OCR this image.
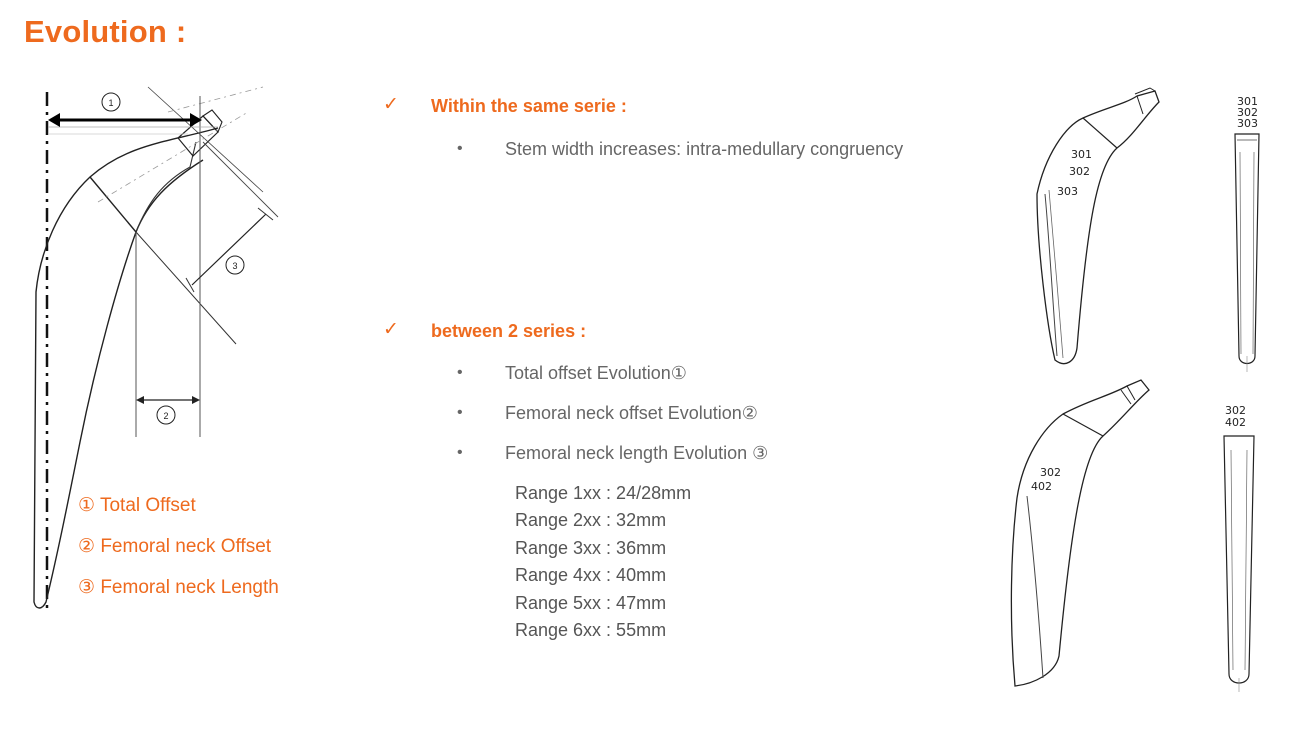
Evolution :
1
2
3
① Total Offset
② Femoral neck Offset
③ Femoral neck Length
✓ Within the same serie :
• Stem width increases: intra-medullary congruency
✓ between 2 series :
• Total offset Evolution①
• Femoral neck offset Evolution②
• Femoral neck length Evolution ③
Range 1xx : 24/28mm
Range 2xx : 32mm
Range 3xx : 36mm
Range 4xx : 40mm
Range 5xx : 47mm
Range 6xx : 55mm
301
302
303
301
302
303
302
402
302
402
